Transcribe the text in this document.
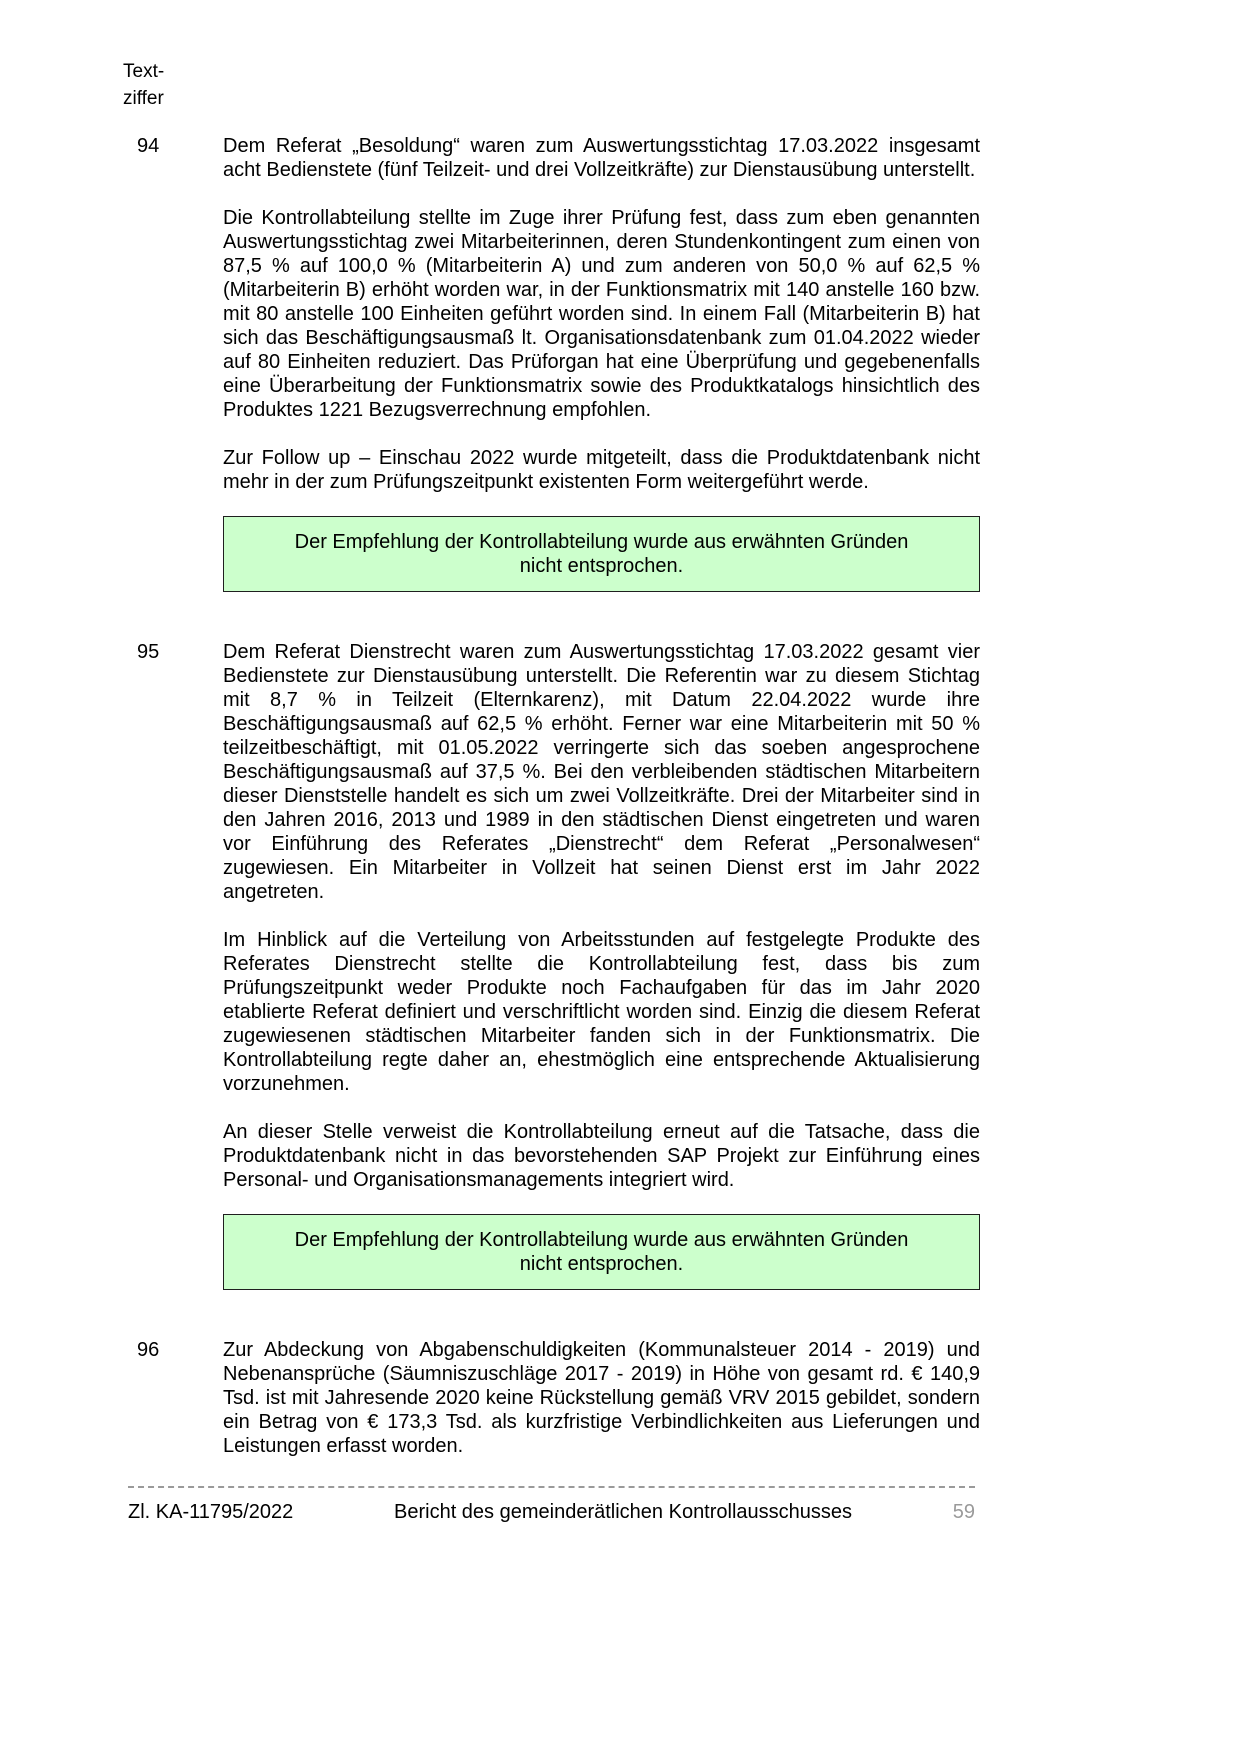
Text-
ziffer
94	Dem Referat „Besoldung“ waren zum Auswertungsstichtag 17.03.2022 insgesamt acht Bedienstete (fünf Teilzeit- und drei Vollzeitkräfte) zur Dienstausübung unterstellt.

Die Kontrollabteilung stellte im Zuge ihrer Prüfung fest, dass zum eben genannten Auswertungsstichtag zwei Mitarbeiterinnen, deren Stundenkontingent zum einen von 87,5 % auf 100,0 % (Mitarbeiterin A) und zum anderen von 50,0 % auf 62,5 % (Mitarbeiterin B) erhöht worden war, in der Funktionsmatrix mit 140 anstelle 160 bzw. mit 80 anstelle 100 Einheiten geführt worden sind. In einem Fall (Mitarbeiterin B) hat sich das Beschäftigungsausmaß lt. Organisationsdatenbank zum 01.04.2022 wieder auf 80 Einheiten reduziert. Das Prüforgan hat eine Überprüfung und gegebenenfalls eine Überarbeitung der Funktionsmatrix sowie des Produktkatalogs hinsichtlich des Produktes 1221 Bezugsverrechnung empfohlen.

Zur Follow up – Einschau 2022 wurde mitgeteilt, dass die Produktdatenbank nicht mehr in der zum Prüfungszeitpunkt existenten Form weitergeführt werde.

Der Empfehlung der Kontrollabteilung wurde aus erwähnten Gründen nicht entsprochen.
95	Dem Referat Dienstrecht waren zum Auswertungsstichtag 17.03.2022 gesamt vier Bedienstete zur Dienstausübung unterstellt. Die Referentin war zu diesem Stichtag mit 8,7 % in Teilzeit (Elternkarenz), mit Datum 22.04.2022 wurde ihre Beschäftigungsausmaß auf 62,5 % erhöht. Ferner war eine Mitarbeiterin mit 50 % teilzeitbeschäftigt, mit 01.05.2022 verringerte sich das soeben angesprochene Beschäftigungsausmaß auf 37,5 %. Bei den verbleibenden städtischen Mitarbeitern dieser Dienststelle handelt es sich um zwei Vollzeitkräfte. Drei der Mitarbeiter sind in den Jahren 2016, 2013 und 1989 in den städtischen Dienst eingetreten und waren vor Einführung des Referates „Dienstrecht“ dem Referat „Personalwesen“ zugewiesen. Ein Mitarbeiter in Vollzeit hat seinen Dienst erst im Jahr 2022 angetreten.

Im Hinblick auf die Verteilung von Arbeitsstunden auf festgelegte Produkte des Referates Dienstrecht stellte die Kontrollabteilung fest, dass bis zum Prüfungszeitpunkt weder Produkte noch Fachaufgaben für das im Jahr 2020 etablierte Referat definiert und verschriftlicht worden sind. Einzig die diesem Referat zugewiesenen städtischen Mitarbeiter fanden sich in der Funktionsmatrix. Die Kontrollabteilung regte daher an, ehestmöglich eine entsprechende Aktualisierung vorzunehmen.

An dieser Stelle verweist die Kontrollabteilung erneut auf die Tatsache, dass die Produktdatenbank nicht in das bevorstehenden SAP Projekt zur Einführung eines Personal- und Organisationsmanagements integriert wird.

Der Empfehlung der Kontrollabteilung wurde aus erwähnten Gründen nicht entsprochen.
96	Zur Abdeckung von Abgabenschuldigkeiten (Kommunalsteuer 2014 - 2019) und Nebenansprüche (Säumniszuschläge 2017 - 2019) in Höhe von gesamt rd. € 140,9 Tsd. ist mit Jahresende 2020 keine Rückstellung gemäß VRV 2015 gebildet, sondern ein Betrag von € 173,3 Tsd. als kurzfristige Verbindlichkeiten aus Lieferungen und Leistungen erfasst worden.

Zl. KA-11795/2022	Bericht des gemeinderätlichen Kontrollausschusses	59
